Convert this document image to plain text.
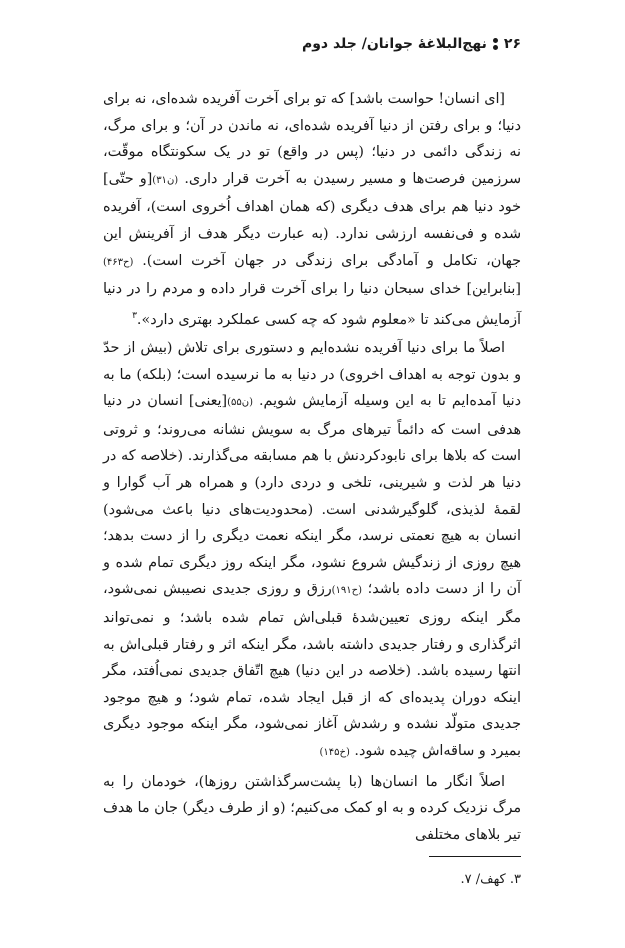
۲۶
نهج‌البلاغهٔ جوانان/ جلد دوم

[ای انسان! حواست باشد] که تو برای آخرت آفریده شده‌ای، نه برای دنیا؛ و برای رفتن از دنیا آفریده شده‌ای، نه ماندن در آن؛ و برای مرگ، نه زندگی دائمی در دنیا؛ (پس در واقع) تو در یک سکونتگاه موقّت، سرزمین فرصت‌ها و مسیر رسیدن به آخرت قرار داری. (ن۳۱)[و حتّی] خود دنیا هم برای هدف دیگری (که همان اهداف اُخروی است)، آفریده شده و فی‌نفسه ارزشی ندارد. (به عبارت دیگر هدف از آفرینش این جهان، تکامل و آمادگی برای زندگی در جهان آخرت است). (ح۴۶۳)[بنابراین] خدای سبحان دنیا را برای آخرت قرار داده و مردم را در دنیا آزمایش می‌کند تا «معلوم شود که چه کسی عملکرد بهتری دارد».$^۳$

اصلاً ما برای دنیا آفریده نشده‌ایم و دستوری برای تلاش (بیش از حدّ و بدون توجه به اهداف اخروی) در دنیا به ما نرسیده است؛ (بلکه) ما به دنیا آمده‌ایم تا به این وسیله آزمایش شویم. (ن۵۵)[یعنی] انسان در دنیا هدفی است که دائماً تیرهای مرگ به سویش نشانه می‌روند؛ و ثروتی است که بلاها برای نابودکردنش با هم مسابقه می‌گذارند. (خلاصه که در دنیا هر لذت و شیرینی، تلخی و دردی دارد) و همراه هر آب گوارا و لقمهٔ لذیذی، گلوگیرشدنی است. (محدودیت‌های دنیا باعث می‌شود) انسان به هیچ نعمتی نرسد، مگر اینکه نعمت دیگری را از دست بدهد؛ هیچ روزی از زندگیش شروع نشود، مگر اینکه روز دیگری تمام شده و آن را از دست داده باشد؛ (ح۱۹۱)رزق و روزی جدیدی نصیبش نمی‌شود، مگر اینکه روزی تعیین‌شدهٔ قبلی‌اش تمام شده باشد؛ و نمی‌تواند اثرگذاری و رفتار جدیدی داشته باشد، مگر اینکه اثر و رفتار قبلی‌اش به انتها رسیده باشد. (خلاصه در این دنیا) هیچ اتّفاق جدیدی نمی‌اُفتد، مگر اینکه دوران پدیده‌ای که از قبل ایجاد شده، تمام شود؛ و هیچ موجود جدیدی متولّد نشده و رشدش آغاز نمی‌شود، مگر اینکه موجود دیگری بمیرد و ساقه‌اش چیده شود. (خ۱۴۵)

اصلاً انگار ما انسان‌ها (با پشت‌سرگذاشتن روزها)، خودمان را به مرگ نزدیک کرده و به او کمک می‌کنیم؛ (و از طرف دیگر) جان ما هدف تیر بلاهای مختلفی

۳. کهف/ ۷.
